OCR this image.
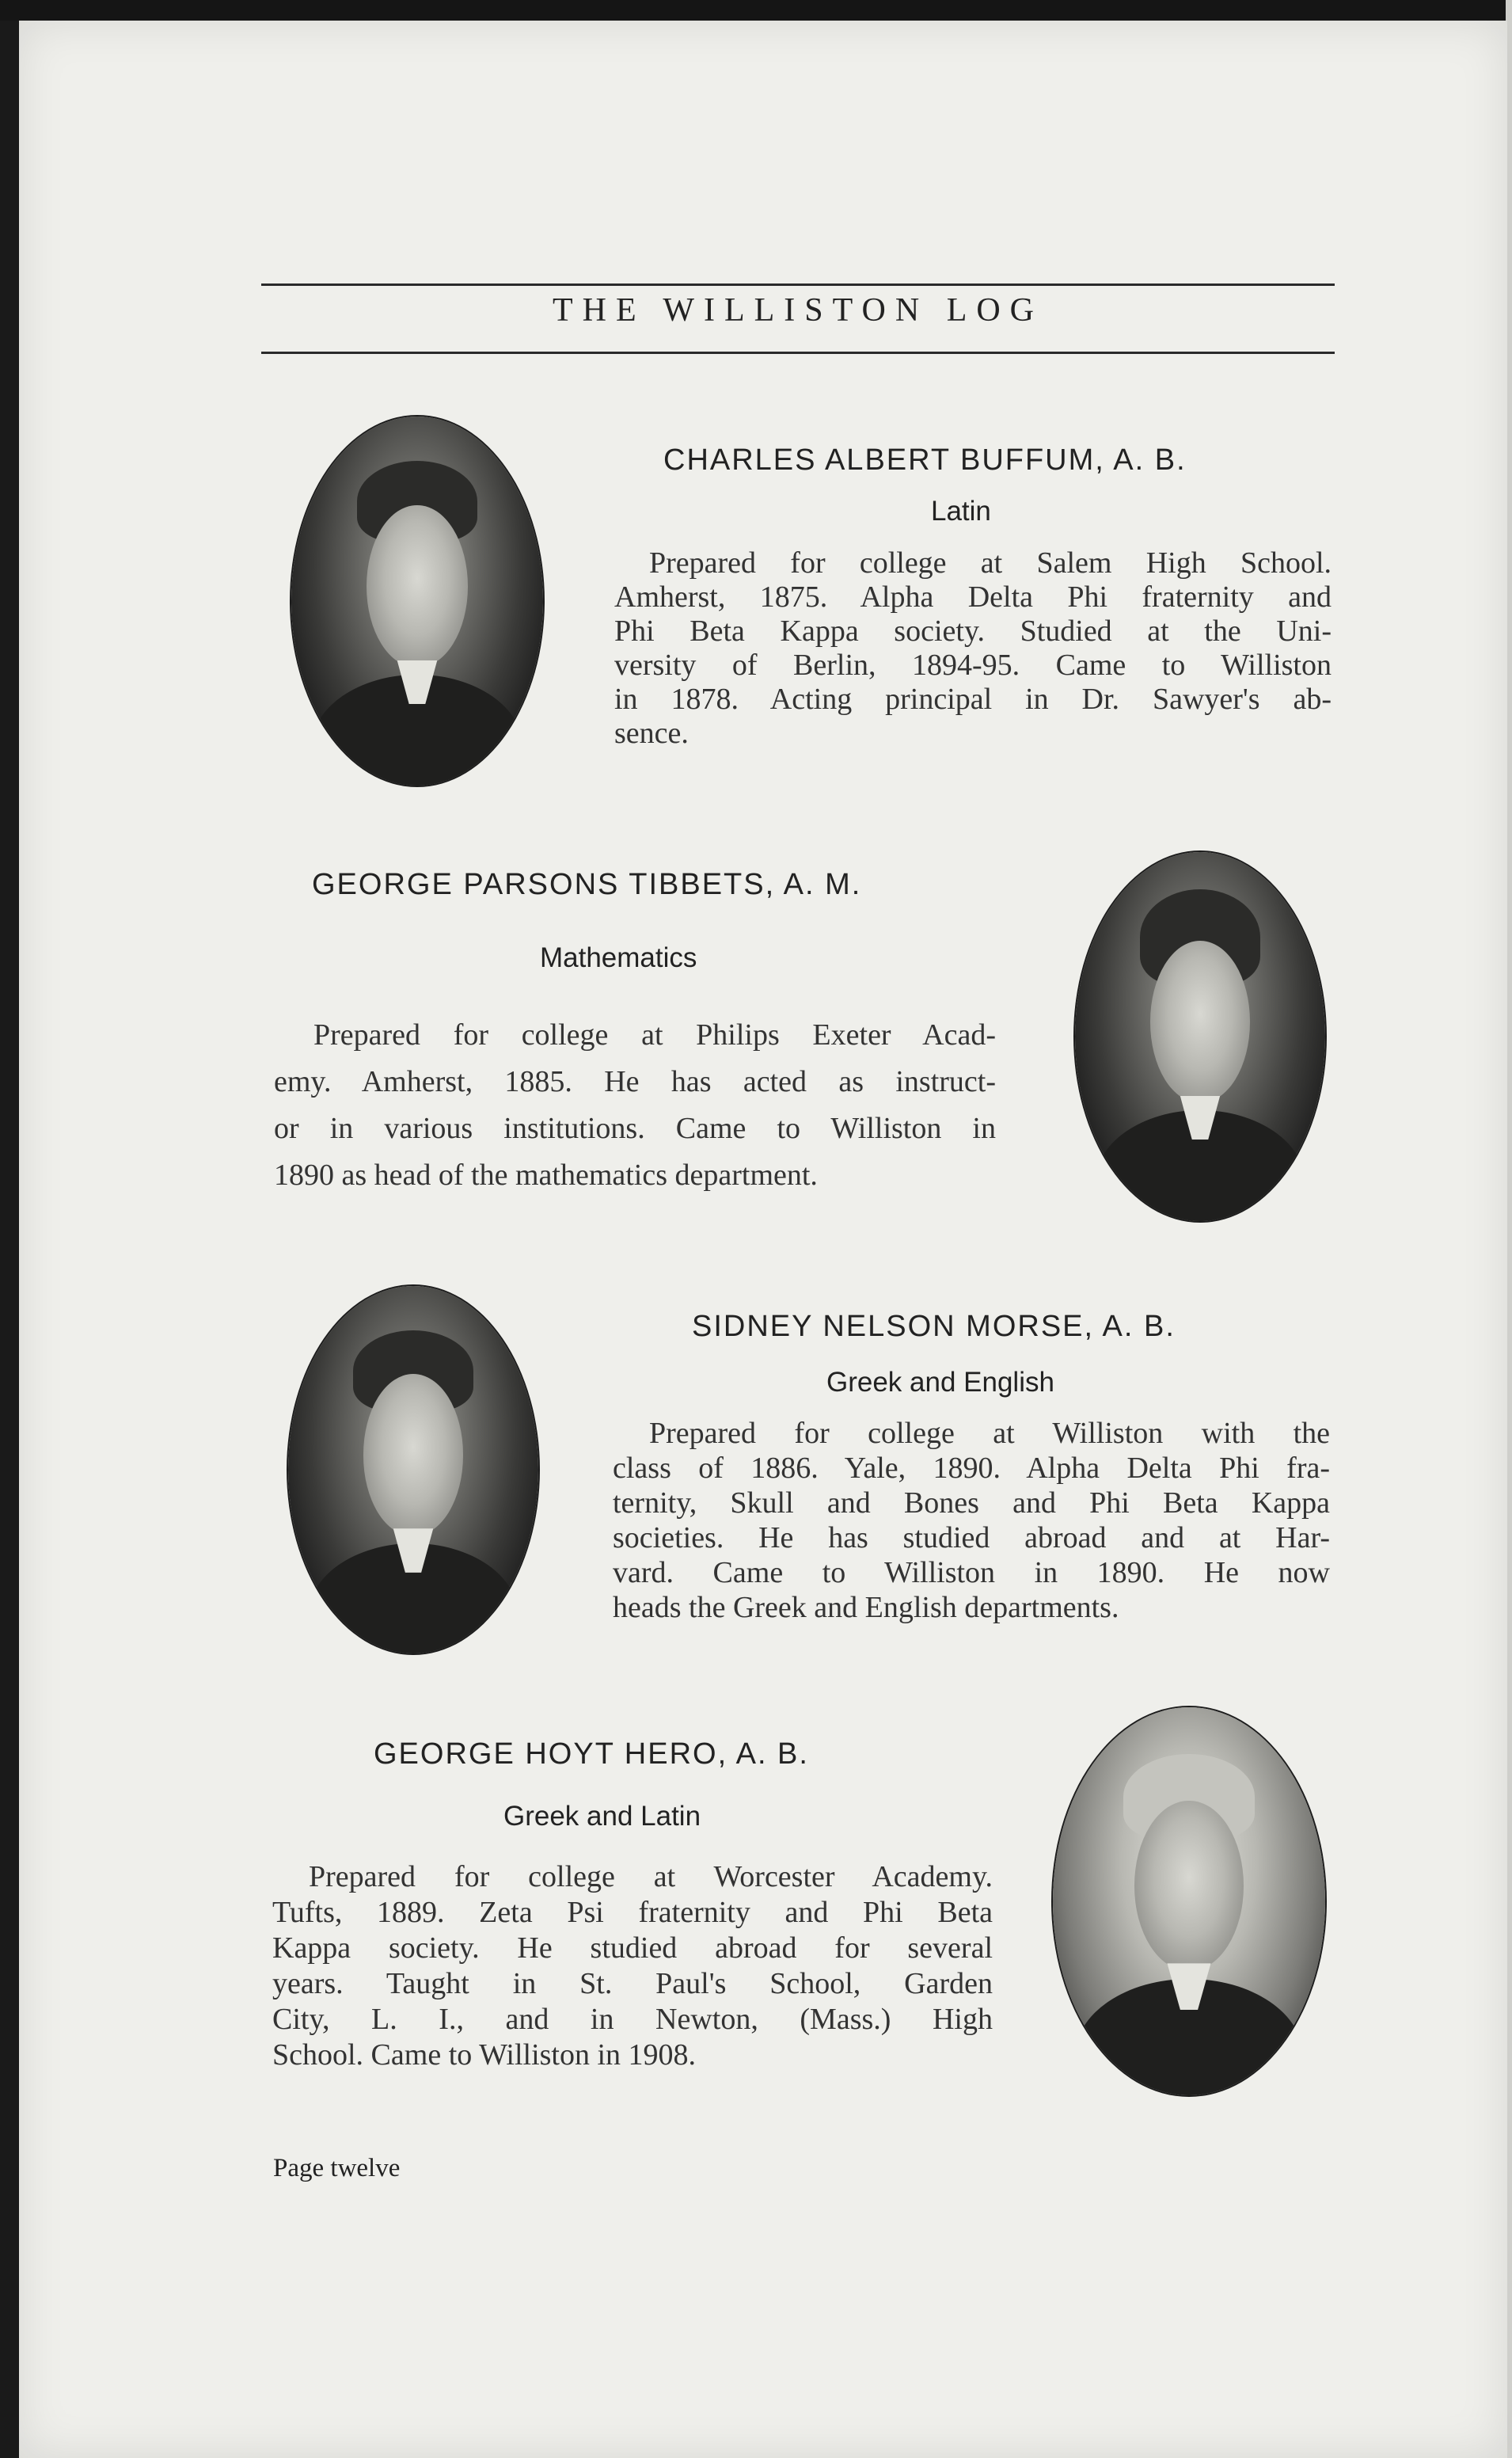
THE WILLISTON LOG
CHARLES ALBERT BUFFUM, A. B.
Latin
Prepared for college at Salem High School.
Amherst, 1875. Alpha Delta Phi fraternity and
Phi Beta Kappa society. Studied at the Uni-
versity of Berlin, 1894-95. Came to Williston
in 1878. Acting principal in Dr. Sawyer's ab-
sence.
GEORGE PARSONS TIBBETS, A. M.
Mathematics
Prepared for college at Philips Exeter Acad-
emy. Amherst, 1885. He has acted as instruct-
or in various institutions. Came to Williston in
1890 as head of the mathematics department.
SIDNEY NELSON MORSE, A. B.
Greek and English
Prepared for college at Williston with the
class of 1886. Yale, 1890. Alpha Delta Phi fra-
ternity, Skull and Bones and Phi Beta Kappa
societies. He has studied abroad and at Har-
vard. Came to Williston in 1890. He now
heads the Greek and English departments.
GEORGE HOYT HERO, A. B.
Greek and Latin
Prepared for college at Worcester Academy.
Tufts, 1889. Zeta Psi fraternity and Phi Beta
Kappa society. He studied abroad for several
years. Taught in St. Paul's School, Garden
City, L. I., and in Newton, (Mass.) High
School. Came to Williston in 1908.
Page twelve
